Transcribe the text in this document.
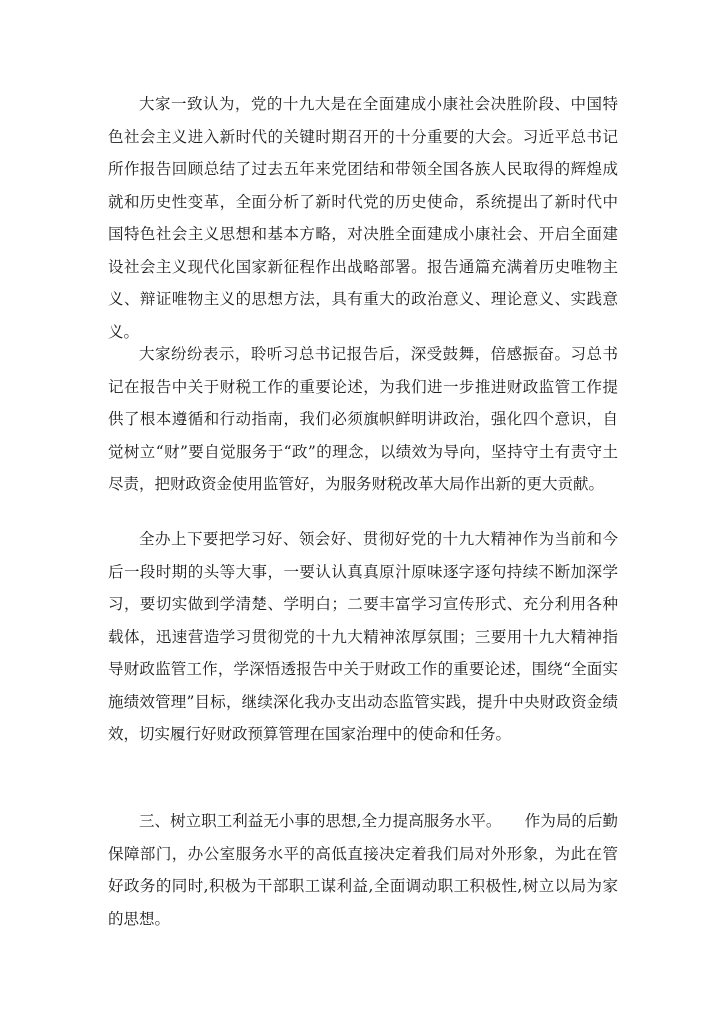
大家一致认为，党的十九大是在全面建成小康社会决胜阶段、中国特色社会主义进入新时代的关键时期召开的十分重要的大会。习近平总书记所作报告回顾总结了过去五年来党团结和带领全国各族人民取得的辉煌成就和历史性变革，全面分析了新时代党的历史使命，系统提出了新时代中国特色社会主义思想和基本方略，对决胜全面建成小康社会、开启全面建设社会主义现代化国家新征程作出战略部署。报告通篇充满着历史唯物主义、辩证唯物主义的思想方法，具有重大的政治意义、理论意义、实践意义。

大家纷纷表示，聆听习总书记报告后，深受鼓舞，倍感振奋。习总书记在报告中关于财税工作的重要论述，为我们进一步推进财政监管工作提供了根本遵循和行动指南，我们必须旗帜鲜明讲政治，强化四个意识，自觉树立“财”要自觉服务于“政”的理念，以绩效为导向，坚持守土有责守土尽责，把财政资金使用监管好，为服务财税改革大局作出新的更大贡献。

全办上下要把学习好、领会好、贯彻好党的十九大精神作为当前和今后一段时期的头等大事，一要认认真真原汁原味逐字逐句持续不断加深学习，要切实做到学清楚、学明白；二要丰富学习宣传形式、充分利用各种载体，迅速营造学习贯彻党的十九大精神浓厚氛围；三要用十九大精神指导财政监管工作，学深悟透报告中关于财政工作的重要论述，围绕“全面实施绩效管理”目标，继续深化我办支出动态监管实践，提升中央财政资金绩效，切实履行好财政预算管理在国家治理中的使命和任务。

三、树立职工利益无小事的思想,全力提高服务水平。　　作为局的后勤保障部门，办公室服务水平的高低直接决定着我们局对外形象，为此在管好政务的同时,积极为干部职工谋利益,全面调动职工积极性,树立以局为家的思想。
